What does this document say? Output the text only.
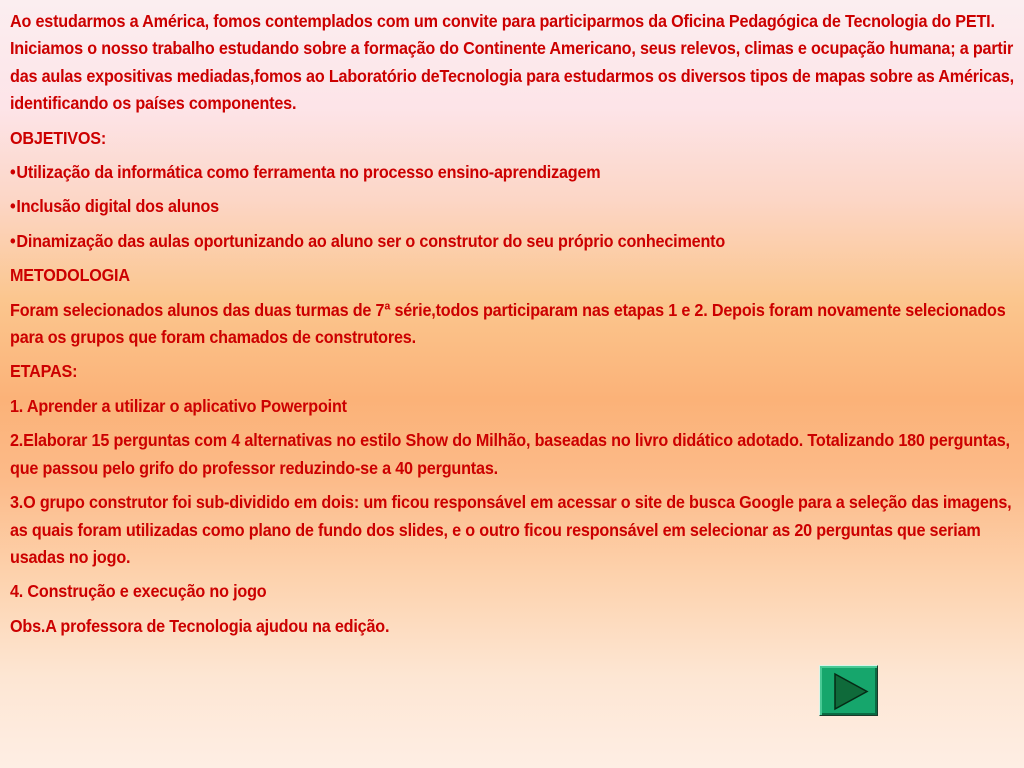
Ao estudarmos a América, fomos contemplados com um convite para participarmos da Oficina Pedagógica de Tecnologia do PETI. Iniciamos o nosso trabalho estudando sobre a formação do Continente Americano, seus relevos, climas e ocupação humana; a partir das aulas expositivas mediadas,fomos ao Laboratório deTecnologia para estudarmos os diversos tipos de mapas sobre as Américas, identificando os países componentes.

OBJETIVOS:

• Utilização da informática como ferramenta no processo ensino-aprendizagem

• Inclusão digital dos alunos

• Dinamização das aulas oportunizando ao aluno ser o construtor do seu próprio conhecimento

METODOLOGIA

Foram selecionados alunos das duas turmas de 7ª série,todos participaram nas etapas 1 e 2. Depois foram novamente selecionados para os grupos que foram chamados de construtores.

ETAPAS:

1. Aprender a utilizar o aplicativo Powerpoint

2.Elaborar 15 perguntas com 4 alternativas no estilo Show do Milhão, baseadas no livro didático adotado. Totalizando 180 perguntas, que passou pelo grifo do professor reduzindo-se a 40 perguntas.

3.O grupo construtor foi sub-dividido em dois: um ficou responsável em acessar o site de busca Google para a seleção das imagens, as quais foram utilizadas como plano de fundo dos slides, e o outro ficou responsável em selecionar as 20 perguntas que seriam usadas no jogo.

4. Construção e execução no jogo

Obs.A professora de Tecnologia ajudou na edição.
